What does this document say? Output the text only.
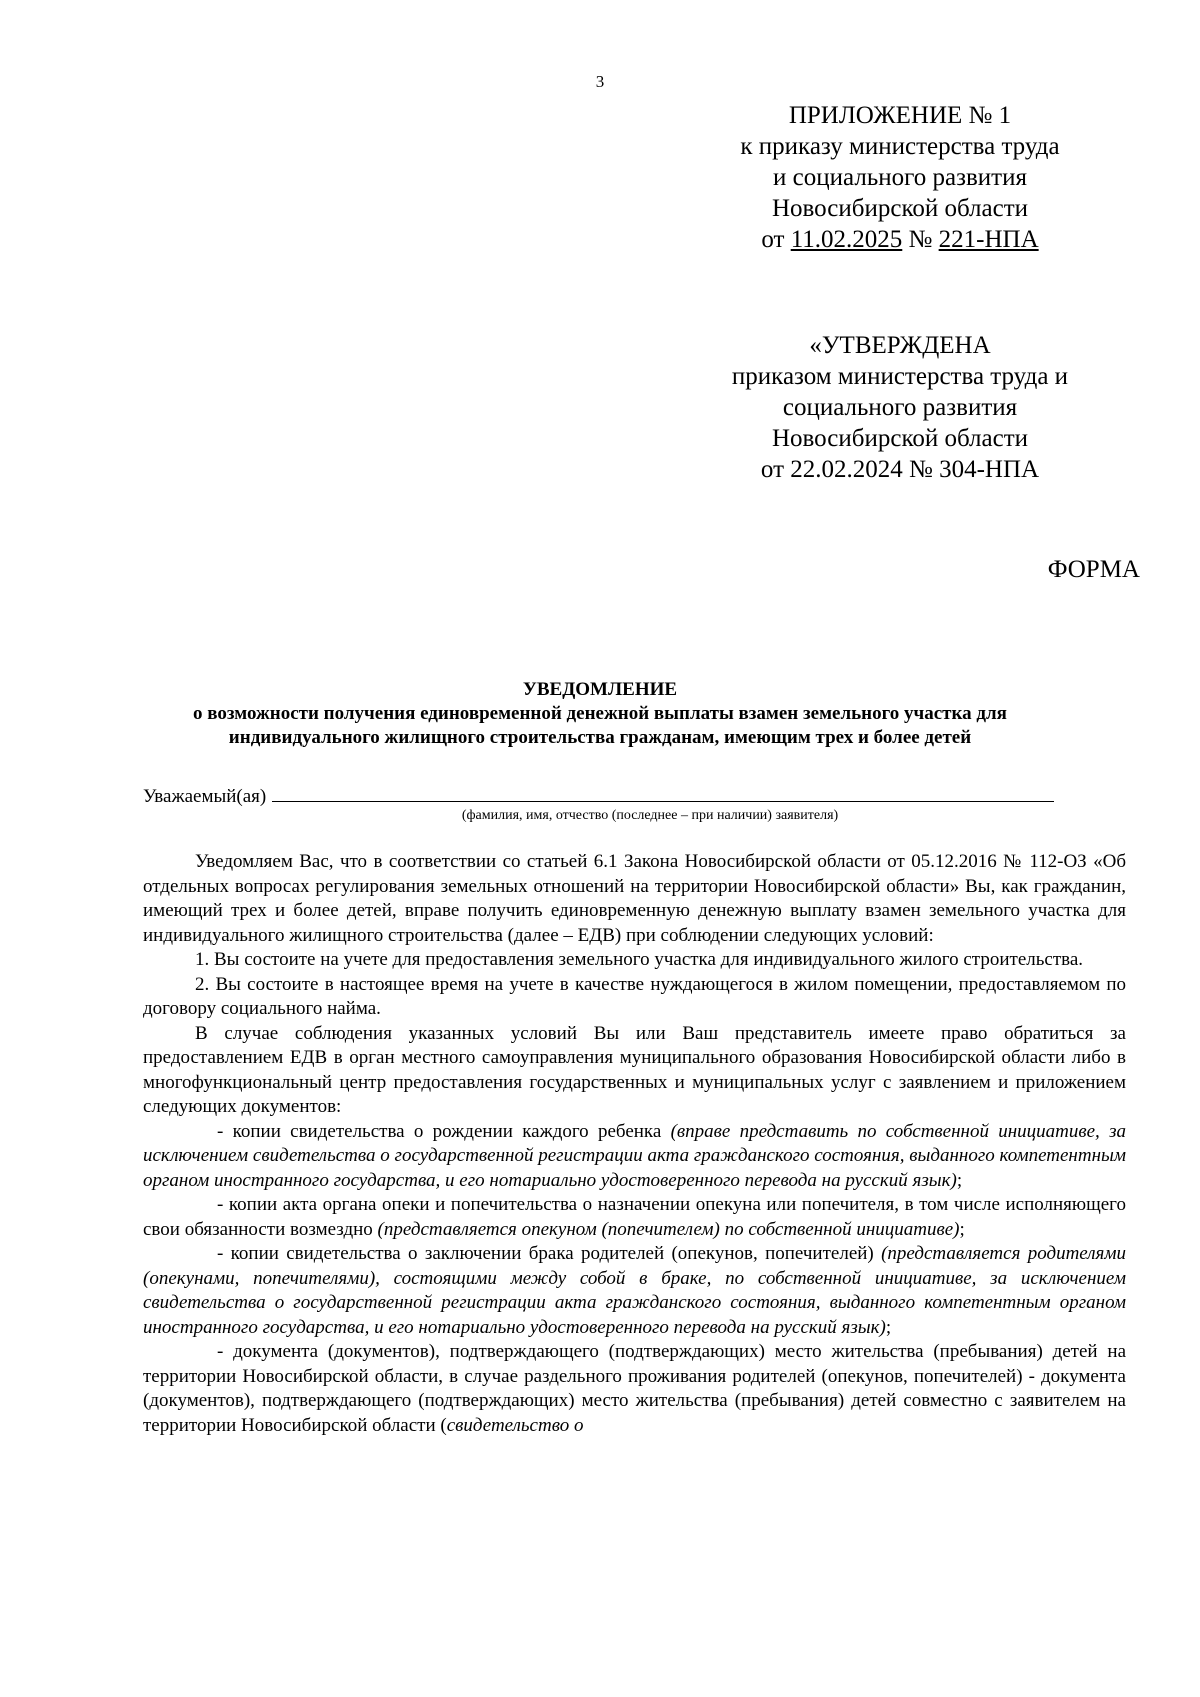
3
ПРИЛОЖЕНИЕ № 1
к приказу министерства труда
и социального развития
Новосибирской области
от 11.02.2025 № 221-НПА
«УТВЕРЖДЕНА
приказом министерства труда и
социального развития
Новосибирской области
от 22.02.2024 № 304-НПА
ФОРМА
УВЕДОМЛЕНИЕ
о возможности получения единовременной денежной выплаты взамен земельного участка для
индивидуального жилищного строительства гражданам, имеющим трех и более детей
Уважаемый(ая)
(фамилия, имя, отчество (последнее – при наличии) заявителя)

Уведомляем Вас, что в соответствии со статьей 6.1 Закона Новосибирской области от 05.12.2016 № 112-ОЗ «Об отдельных вопросах регулирования земельных отношений на территории Новосибирской области» Вы, как гражданин, имеющий трех и более детей, вправе получить единовременную денежную выплату взамен земельного участка для индивидуального жилищного строительства (далее – ЕДВ) при соблюдении следующих условий:

1. Вы состоите на учете для предоставления земельного участка для индивидуального жилого строительства.

2. Вы состоите в настоящее время на учете в качестве нуждающегося в жилом помещении, предоставляемом по договору социального найма.

В случае соблюдения указанных условий Вы или Ваш представитель имеете право обратиться за предоставлением ЕДВ в орган местного самоуправления муниципального образования Новосибирской области либо в многофункциональный центр предоставления государственных и муниципальных услуг с заявлением и приложением следующих документов:

- копии свидетельства о рождении каждого ребенка (вправе представить по собственной инициативе, за исключением свидетельства о государственной регистрации акта гражданского состояния, выданного компетентным органом иностранного государства, и его нотариально удостоверенного перевода на русский язык);

- копии акта органа опеки и попечительства о назначении опекуна или попечителя, в том числе исполняющего свои обязанности возмездно (представляется опекуном (попечителем) по собственной инициативе);

- копии свидетельства о заключении брака родителей (опекунов, попечителей) (представляется родителями (опекунами, попечителями), состоящими между собой в браке, по собственной инициативе, за исключением свидетельства о государственной регистрации акта гражданского состояния, выданного компетентным органом иностранного государства, и его нотариально удостоверенного перевода на русский язык);

- документа (документов), подтверждающего (подтверждающих) место жительства (пребывания) детей на территории Новосибирской области, в случае раздельного проживания родителей (опекунов, попечителей) - документа (документов), подтверждающего (подтверждающих) место жительства (пребывания) детей совместно с заявителем на территории Новосибирской области (свидетельство о
